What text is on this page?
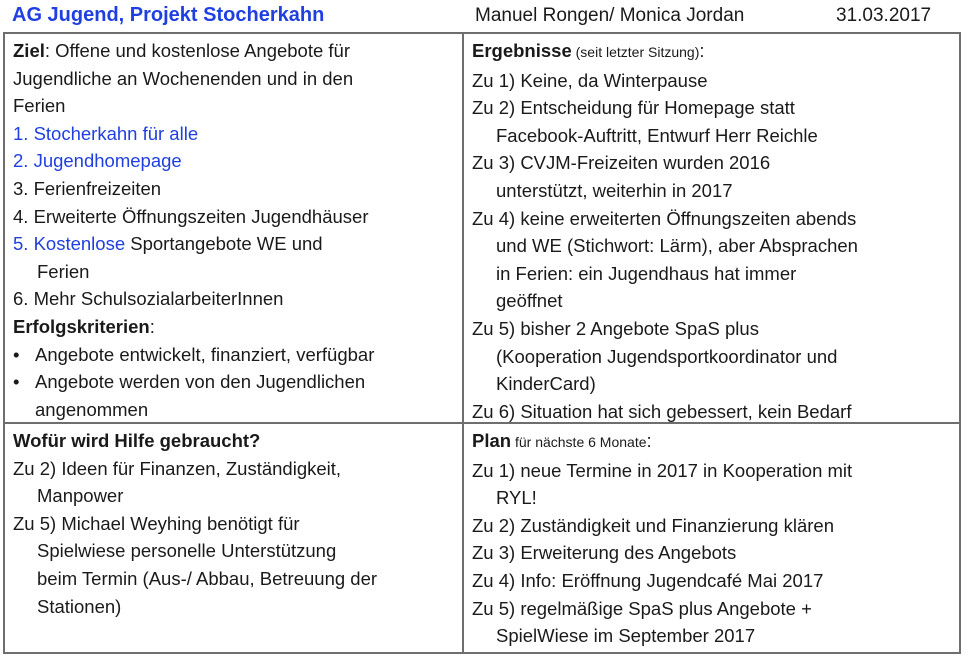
AG Jugend, Projekt Stocherkahn	Manuel Rongen/ Monica Jordan	31.03.2017
Ziel: Offene und kostenlose Angebote für
Jugendliche an Wochenenden und in den
Ferien
1. Stocherkahn für alle
2. Jugendhomepage
3. Ferienfreizeiten
4. Erweiterte Öffnungszeiten Jugendhäuser
5. Kostenlose Sportangebote WE und
Ferien
6. Mehr SchulsozialarbeiterInnen
Erfolgskriterien:
• Angebote entwickelt, finanziert, verfügbar
• Angebote werden von den Jugendlichen
angenommen
Ergebnisse (seit letzter Sitzung):
Zu 1) Keine, da Winterpause
Zu 2) Entscheidung für Homepage statt
Facebook-Auftritt, Entwurf Herr Reichle
Zu 3) CVJM-Freizeiten wurden 2016
unterstützt, weiterhin in 2017
Zu 4) keine erweiterten Öffnungszeiten abends
und WE (Stichwort: Lärm), aber Absprachen
in Ferien: ein Jugendhaus hat immer
geöffnet
Zu 5) bisher 2 Angebote SpaS plus
(Kooperation Jugendsportkoordinator und
KinderCard)
Zu 6) Situation hat sich gebessert, kein Bedarf
Wofür wird Hilfe gebraucht?
Zu 2) Ideen für Finanzen, Zuständigkeit,
Manpower
Zu 5) Michael Weyhing benötigt für
Spielwiese personelle Unterstützung
beim Termin (Aus-/ Abbau, Betreuung der
Stationen)
Plan für nächste 6 Monate:
Zu 1) neue Termine in 2017 in Kooperation mit
RYL!
Zu 2) Zuständigkeit und Finanzierung klären
Zu 3) Erweiterung des Angebots
Zu 4) Info: Eröffnung Jugendcafé Mai 2017
Zu 5) regelmäßige SpaS plus Angebote +
SpielWiese im September 2017
